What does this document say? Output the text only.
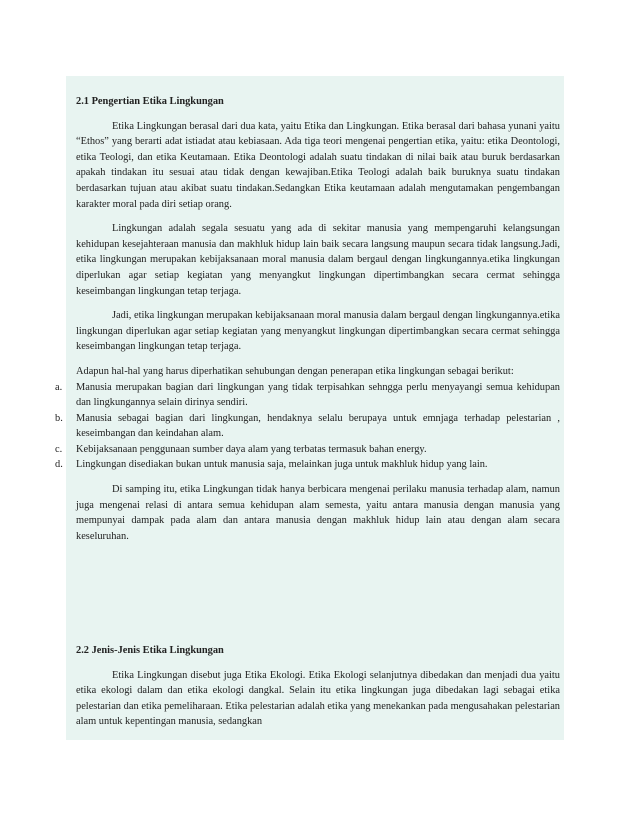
2.1 Pengertian Etika Lingkungan

Etika Lingkungan berasal dari dua kata, yaitu Etika dan Lingkungan. Etika berasal dari bahasa yunani yaitu “Ethos” yang berarti adat istiadat atau kebiasaan. Ada tiga teori mengenai pengertian etika, yaitu: etika Deontologi, etika Teologi, dan etika Keutamaan. Etika Deontologi adalah suatu tindakan di nilai baik atau buruk berdasarkan apakah tindakan itu sesuai atau tidak dengan kewajiban.Etika Teologi adalah baik buruknya suatu tindakan berdasarkan tujuan atau akibat suatu tindakan.Sedangkan Etika keutamaan adalah mengutamakan pengembangan karakter moral pada diri setiap orang.

Lingkungan adalah segala sesuatu yang ada di sekitar manusia yang mempengaruhi kelangsungan kehidupan kesejahteraan manusia dan makhluk hidup lain baik secara langsung maupun secara tidak langsung.Jadi, etika lingkungan merupakan kebijaksanaan moral manusia dalam bergaul dengan lingkungannya.etika lingkungan diperlukan agar setiap kegiatan yang menyangkut lingkungan dipertimbangkan secara cermat sehingga keseimbangan lingkungan tetap terjaga.

Jadi, etika lingkungan merupakan kebijaksanaan moral manusia dalam bergaul dengan lingkungannya.etika lingkungan diperlukan agar setiap kegiatan yang menyangkut lingkungan dipertimbangkan secara cermat sehingga keseimbangan lingkungan tetap terjaga.

Adapun hal-hal yang harus diperhatikan sehubungan dengan penerapan etika lingkungan sebagai berikut:

a.	Manusia merupakan bagian dari lingkungan yang tidak terpisahkan sehngga perlu menyayangi semua kehidupan dan lingkungannya selain dirinya sendiri.
b.	Manusia sebagai bagian dari lingkungan, hendaknya selalu berupaya untuk emnjaga terhadap pelestarian , keseimbangan dan keindahan alam.
c.	Kebijaksanaan penggunaan sumber daya alam yang terbatas termasuk bahan energy.
d.	Lingkungan disediakan bukan untuk manusia saja, melainkan juga untuk makhluk hidup yang lain.

Di samping itu, etika Lingkungan tidak hanya berbicara mengenai perilaku manusia terhadap alam, namun juga mengenai relasi di antara semua kehidupan alam semesta, yaitu antara manusia dengan manusia yang mempunyai dampak pada alam dan antara manusia dengan makhluk hidup lain atau dengan alam secara keseluruhan.

2.2 Jenis-Jenis Etika Lingkungan

Etika Lingkungan disebut juga Etika Ekologi. Etika Ekologi selanjutnya dibedakan dan menjadi dua yaitu etika ekologi dalam dan etika ekologi dangkal. Selain itu etika lingkungan juga dibedakan lagi sebagai etika pelestarian dan etika pemeliharaan. Etika pelestarian adalah etika yang menekankan pada mengusahakan pelestarian alam untuk kepentingan manusia, sedangkan
